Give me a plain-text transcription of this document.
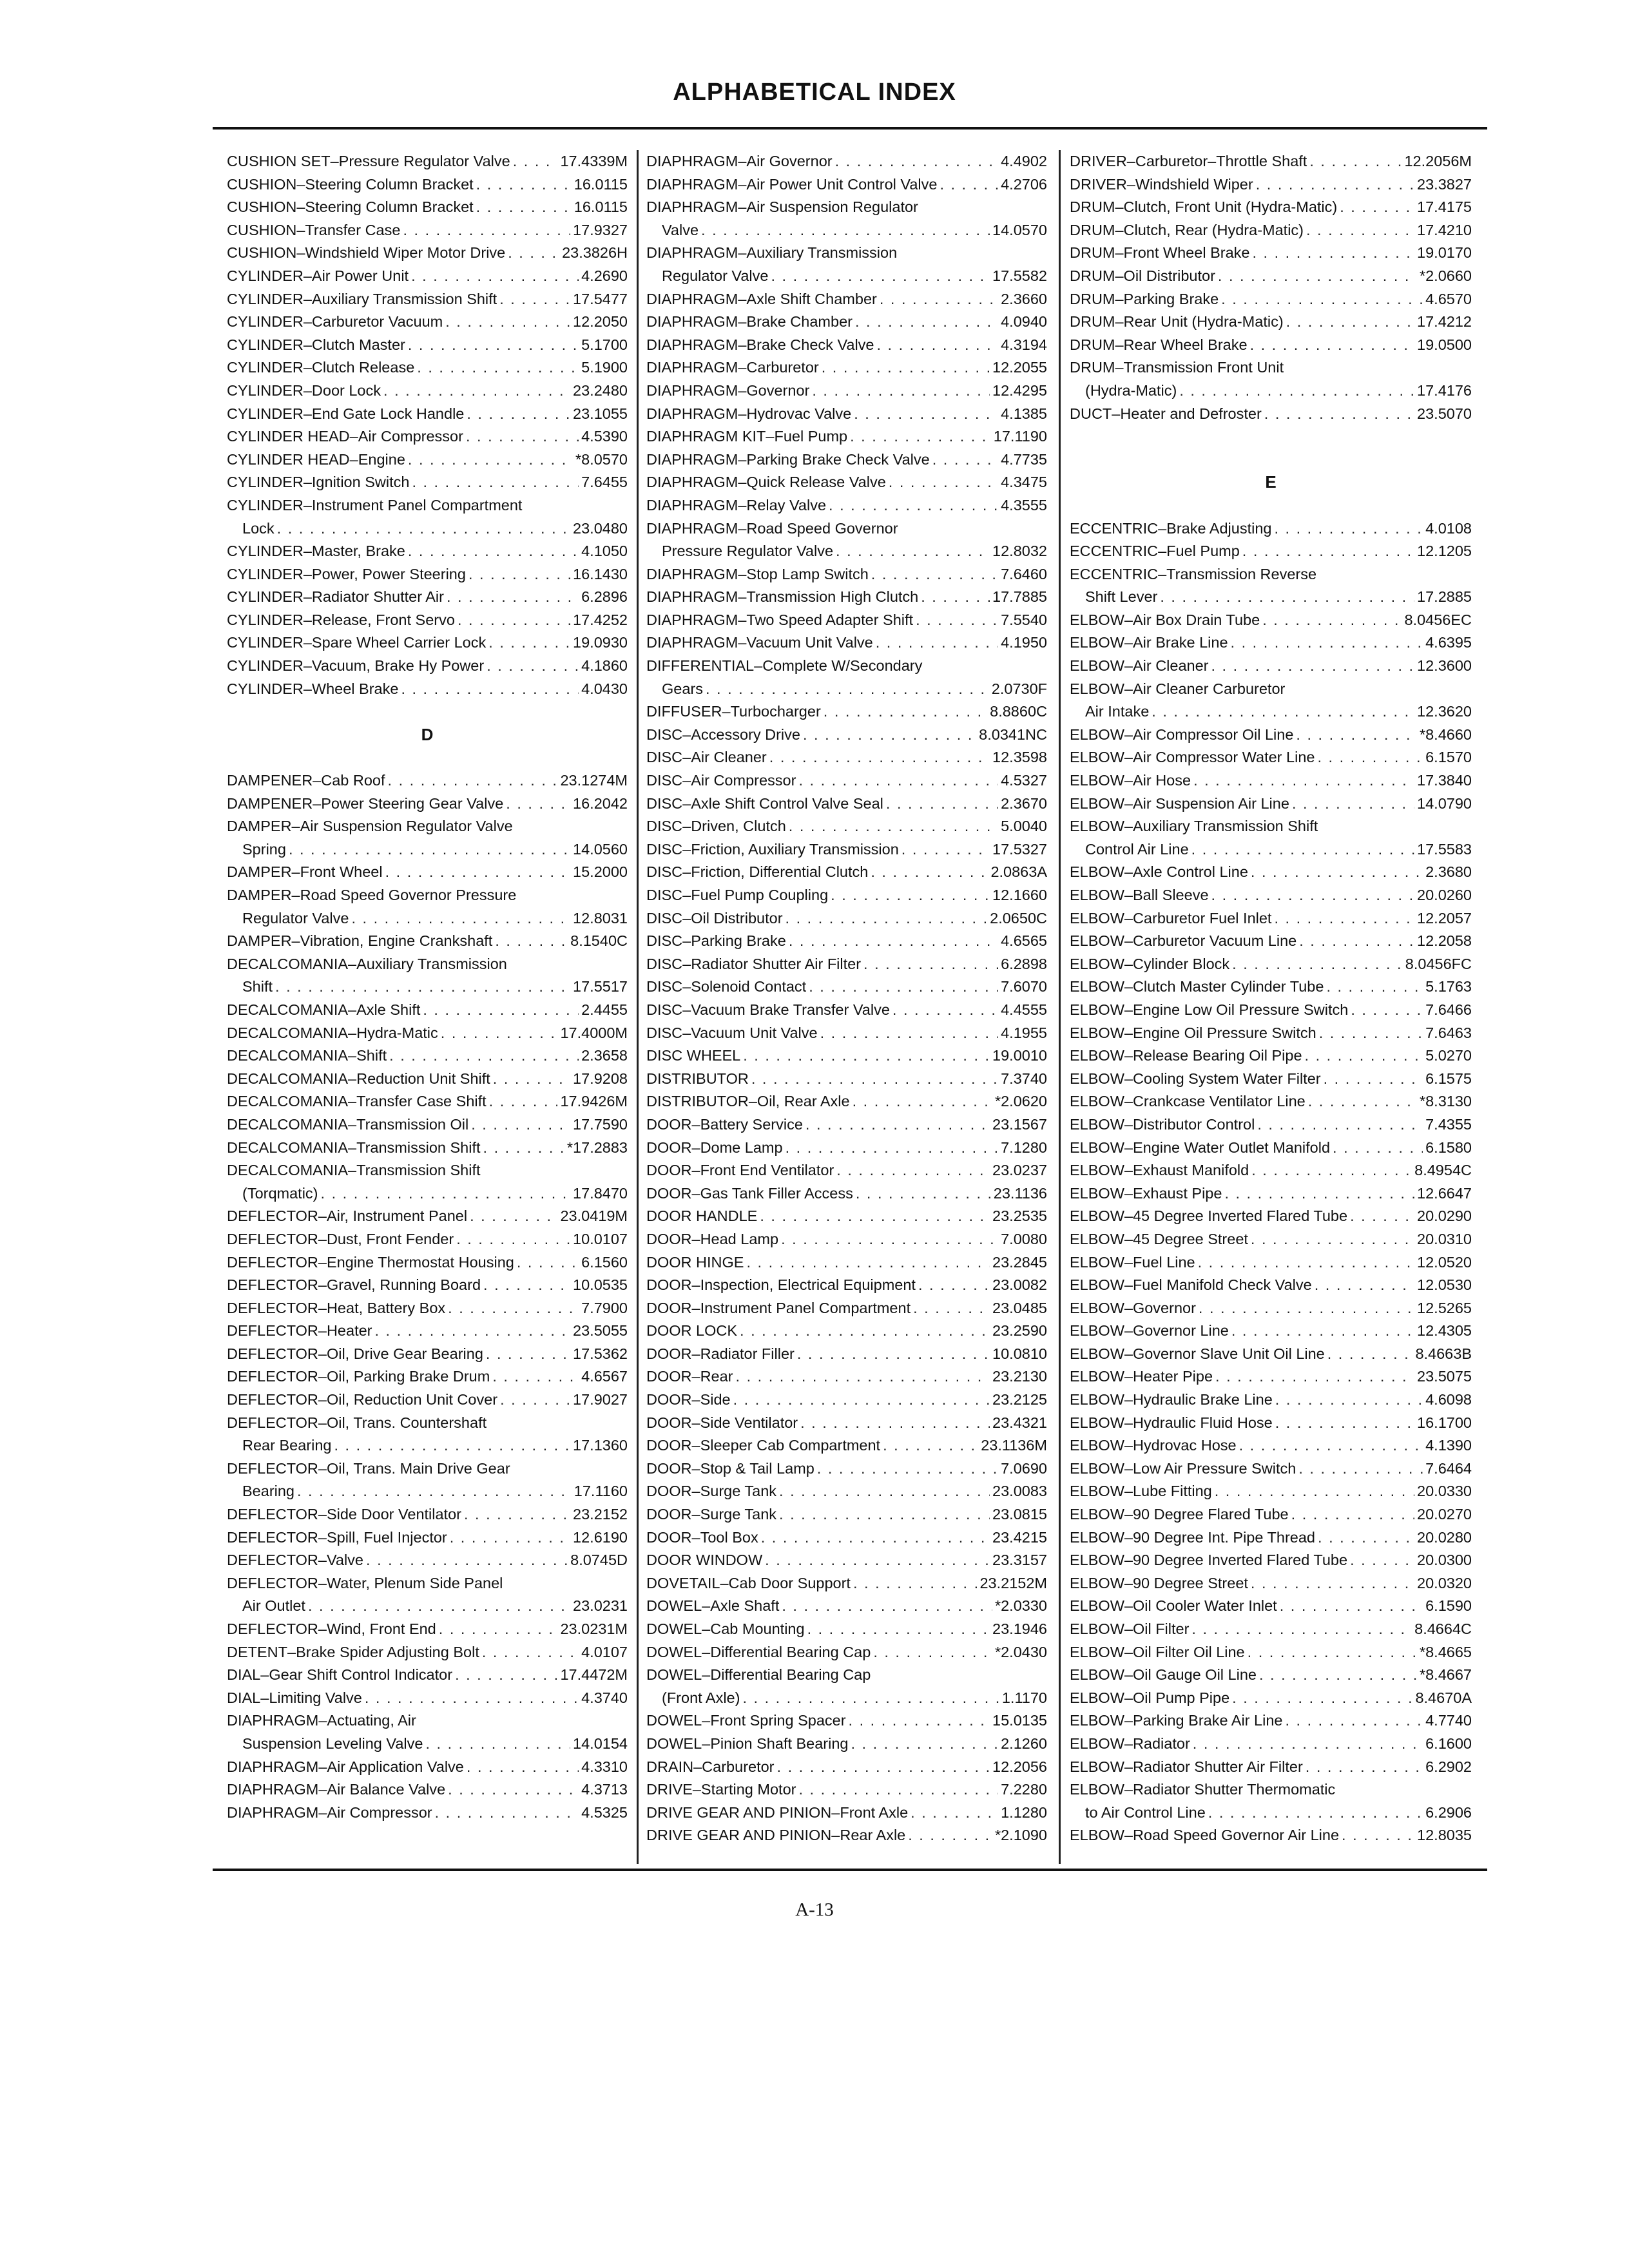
ALPHABETICAL INDEX
CUSHION SET–Pressure Regulator Valve . . .	17.4339M
CUSHION–Steering Column Bracket . . .	16.0115
CUSHION–Steering Column Bracket . . .	16.0115
CUSHION–Transfer Case . . .	17.9327
CUSHION–Windshield Wiper Motor Drive . . .	23.3826H
CYLINDER–Air Power Unit . . .	4.2690
CYLINDER–Auxiliary Transmission Shift . . .	17.5477
CYLINDER–Carburetor Vacuum . . .	12.2050
CYLINDER–Clutch Master . . .	5.1700
CYLINDER–Clutch Release . . .	5.1900
CYLINDER–Door Lock . . .	23.2480
CYLINDER–End Gate Lock Handle . . .	23.1055
CYLINDER HEAD–Air Compressor . . .	4.5390
CYLINDER HEAD–Engine . . .	*8.0570
CYLINDER–Ignition Switch . . .	7.6455
CYLINDER–Instrument Panel Compartment
Lock . . .	23.0480
CYLINDER–Master, Brake . . .	4.1050
CYLINDER–Power, Power Steering . . .	16.1430
CYLINDER–Radiator Shutter Air . . .	6.2896
CYLINDER–Release, Front Servo . . .	17.4252
CYLINDER–Spare Wheel Carrier Lock . . .	19.0930
CYLINDER–Vacuum, Brake Hy Power . . .	4.1860
CYLINDER–Wheel Brake . . .	4.0430

D

DAMPENER–Cab Roof . . .	23.1274M
DAMPENER–Power Steering Gear Valve . . .	16.2042
DAMPER–Air Suspension Regulator Valve
Spring . . .	14.0560
DAMPER–Front Wheel . . .	15.2000
DAMPER–Road Speed Governor Pressure
Regulator Valve . . .	12.8031
DAMPER–Vibration, Engine Crankshaft . . .	8.1540C
DECALCOMANIA–Auxiliary Transmission
Shift . . .	17.5517
DECALCOMANIA–Axle Shift . . .	2.4455
DECALCOMANIA–Hydra-Matic . . .	17.4000M
DECALCOMANIA–Shift . . .	2.3658
DECALCOMANIA–Reduction Unit Shift . . .	17.9208
DECALCOMANIA–Transfer Case Shift . . .	17.9426M
DECALCOMANIA–Transmission Oil . . .	17.7590
DECALCOMANIA–Transmission Shift . . .	*17.2883
DECALCOMANIA–Transmission Shift
(Torqmatic) . . .	17.8470
DEFLECTOR–Air, Instrument Panel . . .	23.0419M
DEFLECTOR–Dust, Front Fender . . .	10.0107
DEFLECTOR–Engine Thermostat Housing . . .	6.1560
DEFLECTOR–Gravel, Running Board . . .	10.0535
DEFLECTOR–Heat, Battery Box . . .	7.7900
DEFLECTOR–Heater . . .	23.5055
DEFLECTOR–Oil, Drive Gear Bearing . . .	17.5362
DEFLECTOR–Oil, Parking Brake Drum . . .	4.6567
DEFLECTOR–Oil, Reduction Unit Cover . . .	17.9027
DEFLECTOR–Oil, Trans. Countershaft
Rear Bearing . . .	17.1360
DEFLECTOR–Oil, Trans. Main Drive Gear
Bearing . . .	17.1160
DEFLECTOR–Side Door Ventilator . . .	23.2152
DEFLECTOR–Spill, Fuel Injector . . .	12.6190
DEFLECTOR–Valve . . .	8.0745D
DEFLECTOR–Water, Plenum Side Panel
Air Outlet . . .	23.0231
DEFLECTOR–Wind, Front End . . .	23.0231M
DETENT–Brake Spider Adjusting Bolt . . .	4.0107
DIAL–Gear Shift Control Indicator . . .	17.4472M
DIAL–Limiting Valve . . .	4.3740
DIAPHRAGM–Actuating, Air
Suspension Leveling Valve . . .	14.0154
DIAPHRAGM–Air Application Valve . . .	4.3310
DIAPHRAGM–Air Balance Valve . . .	4.3713
DIAPHRAGM–Air Compressor . . .	4.5325
DIAPHRAGM–Air Governor . . .	4.4902
DIAPHRAGM–Air Power Unit Control Valve . . .	4.2706
DIAPHRAGM–Air Suspension Regulator
Valve . . .	14.0570
DIAPHRAGM–Auxiliary Transmission
Regulator Valve . . .	17.5582
DIAPHRAGM–Axle Shift Chamber . . .	2.3660
DIAPHRAGM–Brake Chamber . . .	4.0940
DIAPHRAGM–Brake Check Valve . . .	4.3194
DIAPHRAGM–Carburetor . . .	12.2055
DIAPHRAGM–Governor . . .	12.4295
DIAPHRAGM–Hydrovac Valve . . .	4.1385
DIAPHRAGM KIT–Fuel Pump . . .	17.1190
DIAPHRAGM–Parking Brake Check Valve . . .	4.7735
DIAPHRAGM–Quick Release Valve . . .	4.3475
DIAPHRAGM–Relay Valve . . .	4.3555
DIAPHRAGM–Road Speed Governor
Pressure Regulator Valve . . .	12.8032
DIAPHRAGM–Stop Lamp Switch . . .	7.6460
DIAPHRAGM–Transmission High Clutch . . .	17.7885
DIAPHRAGM–Two Speed Adapter Shift . . .	7.5540
DIAPHRAGM–Vacuum Unit Valve . . .	4.1950
DIFFERENTIAL–Complete W/Secondary
Gears . . .	2.0730F
DIFFUSER–Turbocharger . . .	8.8860C
DISC–Accessory Drive . . .	8.0341NC
DISC–Air Cleaner . . .	12.3598
DISC–Air Compressor . . .	4.5327
DISC–Axle Shift Control Valve Seal . . .	2.3670
DISC–Driven, Clutch . . .	5.0040
DISC–Friction, Auxiliary Transmission . . .	17.5327
DISC–Friction, Differential Clutch . . .	2.0863A
DISC–Fuel Pump Coupling . . .	12.1660
DISC–Oil Distributor . . .	2.0650C
DISC–Parking Brake . . .	4.6565
DISC–Radiator Shutter Air Filter . . .	6.2898
DISC–Solenoid Contact . . .	7.6070
DISC–Vacuum Brake Transfer Valve . . .	4.4555
DISC–Vacuum Unit Valve . . .	4.1955
DISC WHEEL . . .	19.0010
DISTRIBUTOR . . .	7.3740
DISTRIBUTOR–Oil, Rear Axle . . .	*2.0620
DOOR–Battery Service . . .	23.1567
DOOR–Dome Lamp . . .	7.1280
DOOR–Front End Ventilator . . .	23.0237
DOOR–Gas Tank Filler Access . . .	23.1136
DOOR HANDLE . . .	23.2535
DOOR–Head Lamp . . .	7.0080
DOOR HINGE . . .	23.2845
DOOR–Inspection, Electrical Equipment . . .	23.0082
DOOR–Instrument Panel Compartment . . .	23.0485
DOOR LOCK . . .	23.2590
DOOR–Radiator Filler . . .	10.0810
DOOR–Rear . . .	23.2130
DOOR–Side . . .	23.2125
DOOR–Side Ventilator . . .	23.4321
DOOR–Sleeper Cab Compartment . . .	23.1136M
DOOR–Stop & Tail Lamp . . .	7.0690
DOOR–Surge Tank . . .	23.0083
DOOR–Surge Tank . . .	23.0815
DOOR–Tool Box . . .	23.4215
DOOR WINDOW . . .	23.3157
DOVETAIL–Cab Door Support . . .	23.2152M
DOWEL–Axle Shaft . . .	*2.0330
DOWEL–Cab Mounting . . .	23.1946
DOWEL–Differential Bearing Cap . . .	*2.0430
DOWEL–Differential Bearing Cap
(Front Axle) . . .	1.1170
DOWEL–Front Spring Spacer . . .	15.0135
DOWEL–Pinion Shaft Bearing . . .	2.1260
DRAIN–Carburetor . . .	12.2056
DRIVE–Starting Motor . . .	7.2280
DRIVE GEAR AND PINION–Front Axle . . .	1.1280
DRIVE GEAR AND PINION–Rear Axle . . .	*2.1090
DRIVER–Carburetor–Throttle Shaft . . .	12.2056M
DRIVER–Windshield Wiper . . .	23.3827
DRUM–Clutch, Front Unit (Hydra-Matic) . . .	17.4175
DRUM–Clutch, Rear (Hydra-Matic) . . .	17.4210
DRUM–Front Wheel Brake . . .	19.0170
DRUM–Oil Distributor . . .	*2.0660
DRUM–Parking Brake . . .	4.6570
DRUM–Rear Unit (Hydra-Matic) . . .	17.4212
DRUM–Rear Wheel Brake . . .	19.0500
DRUM–Transmission Front Unit
(Hydra-Matic) . . .	17.4176
DUCT–Heater and Defroster . . .	23.5070

E

ECCENTRIC–Brake Adjusting . . .	4.0108
ECCENTRIC–Fuel Pump . . .	12.1205
ECCENTRIC–Transmission Reverse
Shift Lever . . .	17.2885
ELBOW–Air Box Drain Tube . . .	8.0456EC
ELBOW–Air Brake Line . . .	4.6395
ELBOW–Air Cleaner . . .	12.3600
ELBOW–Air Cleaner Carburetor
Air Intake . . .	12.3620
ELBOW–Air Compressor Oil Line . . .	*8.4660
ELBOW–Air Compressor Water Line . . .	6.1570
ELBOW–Air Hose . . .	17.3840
ELBOW–Air Suspension Air Line . . .	14.0790
ELBOW–Auxiliary Transmission Shift
Control Air Line . . .	17.5583
ELBOW–Axle Control Line . . .	2.3680
ELBOW–Ball Sleeve . . .	20.0260
ELBOW–Carburetor Fuel Inlet . . .	12.2057
ELBOW–Carburetor Vacuum Line . . .	12.2058
ELBOW–Cylinder Block . . .	8.0456FC
ELBOW–Clutch Master Cylinder Tube . . .	5.1763
ELBOW–Engine Low Oil Pressure Switch . . .	7.6466
ELBOW–Engine Oil Pressure Switch . . .	7.6463
ELBOW–Release Bearing Oil Pipe . . .	5.0270
ELBOW–Cooling System Water Filter . . .	6.1575
ELBOW–Crankcase Ventilator Line . . .	*8.3130
ELBOW–Distributor Control . . .	7.4355
ELBOW–Engine Water Outlet Manifold . . .	6.1580
ELBOW–Exhaust Manifold . . .	8.4954C
ELBOW–Exhaust Pipe . . .	12.6647
ELBOW–45 Degree Inverted Flared Tube . . .	20.0290
ELBOW–45 Degree Street . . .	20.0310
ELBOW–Fuel Line . . .	12.0520
ELBOW–Fuel Manifold Check Valve . . .	12.0530
ELBOW–Governor . . .	12.5265
ELBOW–Governor Line . . .	12.4305
ELBOW–Governor Slave Unit Oil Line . . .	8.4663B
ELBOW–Heater Pipe . . .	23.5075
ELBOW–Hydraulic Brake Line . . .	4.6098
ELBOW–Hydraulic Fluid Hose . . .	16.1700
ELBOW–Hydrovac Hose . . .	4.1390
ELBOW–Low Air Pressure Switch . . .	7.6464
ELBOW–Lube Fitting . . .	20.0330
ELBOW–90 Degree Flared Tube . . .	20.0270
ELBOW–90 Degree Int. Pipe Thread . . .	20.0280
ELBOW–90 Degree Inverted Flared Tube . . .	20.0300
ELBOW–90 Degree Street . . .	20.0320
ELBOW–Oil Cooler Water Inlet . . .	6.1590
ELBOW–Oil Filter . . .	8.4664C
ELBOW–Oil Filter Oil Line . . .	*8.4665
ELBOW–Oil Gauge Oil Line . . .	*8.4667
ELBOW–Oil Pump Pipe . . .	8.4670A
ELBOW–Parking Brake Air Line . . .	4.7740
ELBOW–Radiator . . .	6.1600
ELBOW–Radiator Shutter Air Filter . . .	6.2902
ELBOW–Radiator Shutter Thermomatic
to Air Control Line . . .	6.2906
ELBOW–Road Speed Governor Air Line . . .	12.8035
A-13
